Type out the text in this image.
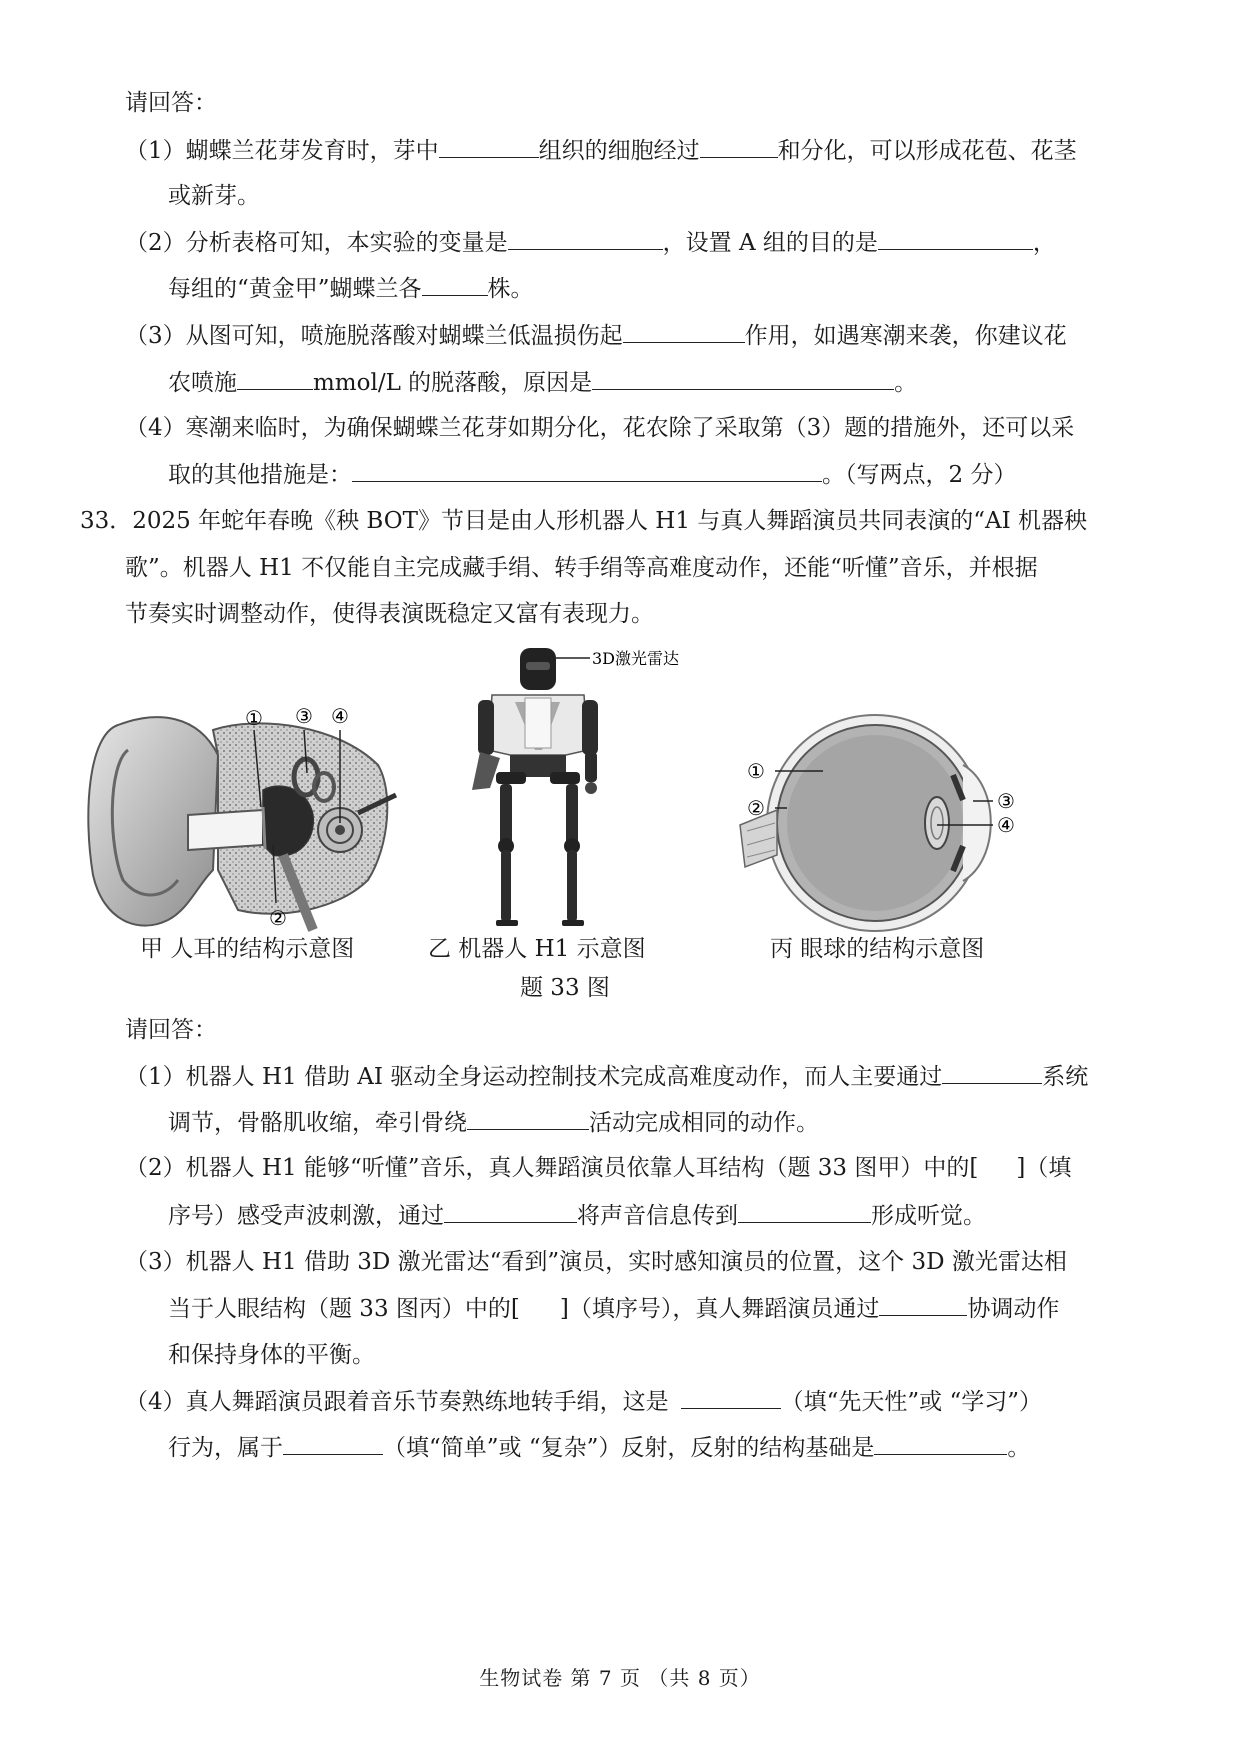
请回答：
（1）蝴蝶兰花芽发育时，芽中	组织的细胞经过	和分化，可以形成花苞、花茎
或新芽。
（2）分析表格可知，本实验的变量是	，设置 A 组的目的是	，
每组的“黄金甲”蝴蝶兰各	株。
（3）从图可知，喷施脱落酸对蝴蝶兰低温损伤起	作用，如遇寒潮来袭，你建议花
农喷施	mmol/L 的脱落酸，原因是	。
（4）寒潮来临时，为确保蝴蝶兰花芽如期分化，花农除了采取第（3）题的措施外，还可以采
取的其他措施是：	。（写两点，2 分）
33．2025 年蛇年春晚《秧 BOT》节目是由人形机器人 H1 与真人舞蹈演员共同表演的“AI 机器秧
歌”。机器人 H1 不仅能自主完成藏手绢、转手绢等高难度动作，还能“听懂”音乐，并根据
节奏实时调整动作，使得表演既稳定又富有表现力。
①
②
③ ④
3D激光雷达
①
②	③
④
甲 人耳的结构示意图	乙 机器人 H1 示意图	丙 眼球的结构示意图
题 33 图
请回答：
（1）机器人 H1 借助 AI 驱动全身运动控制技术完成高难度动作，而人主要通过	系统
调节，骨骼肌收缩，牵引骨绕	活动完成相同的动作。
（2）机器人 H1 能够“听懂”音乐，真人舞蹈演员依靠人耳结构（题 33 图甲）中的[ ]（填
序号）感受声波刺激，通过	将声音信息传到	形成听觉。
（3）机器人 H1 借助 3D 激光雷达“看到”演员，实时感知演员的位置，这个 3D 激光雷达相
当于人眼结构（题 33 图丙）中的[ ]（填序号），真人舞蹈演员通过	协调动作
和保持身体的平衡。
（4）真人舞蹈演员跟着音乐节奏熟练地转手绢，这是	（填“先天性”或 “学习”）
行为，属于	（填“简单”或 “复杂”）反射，反射的结构基础是	。
生物试卷 第 7 页 （共 8 页）
